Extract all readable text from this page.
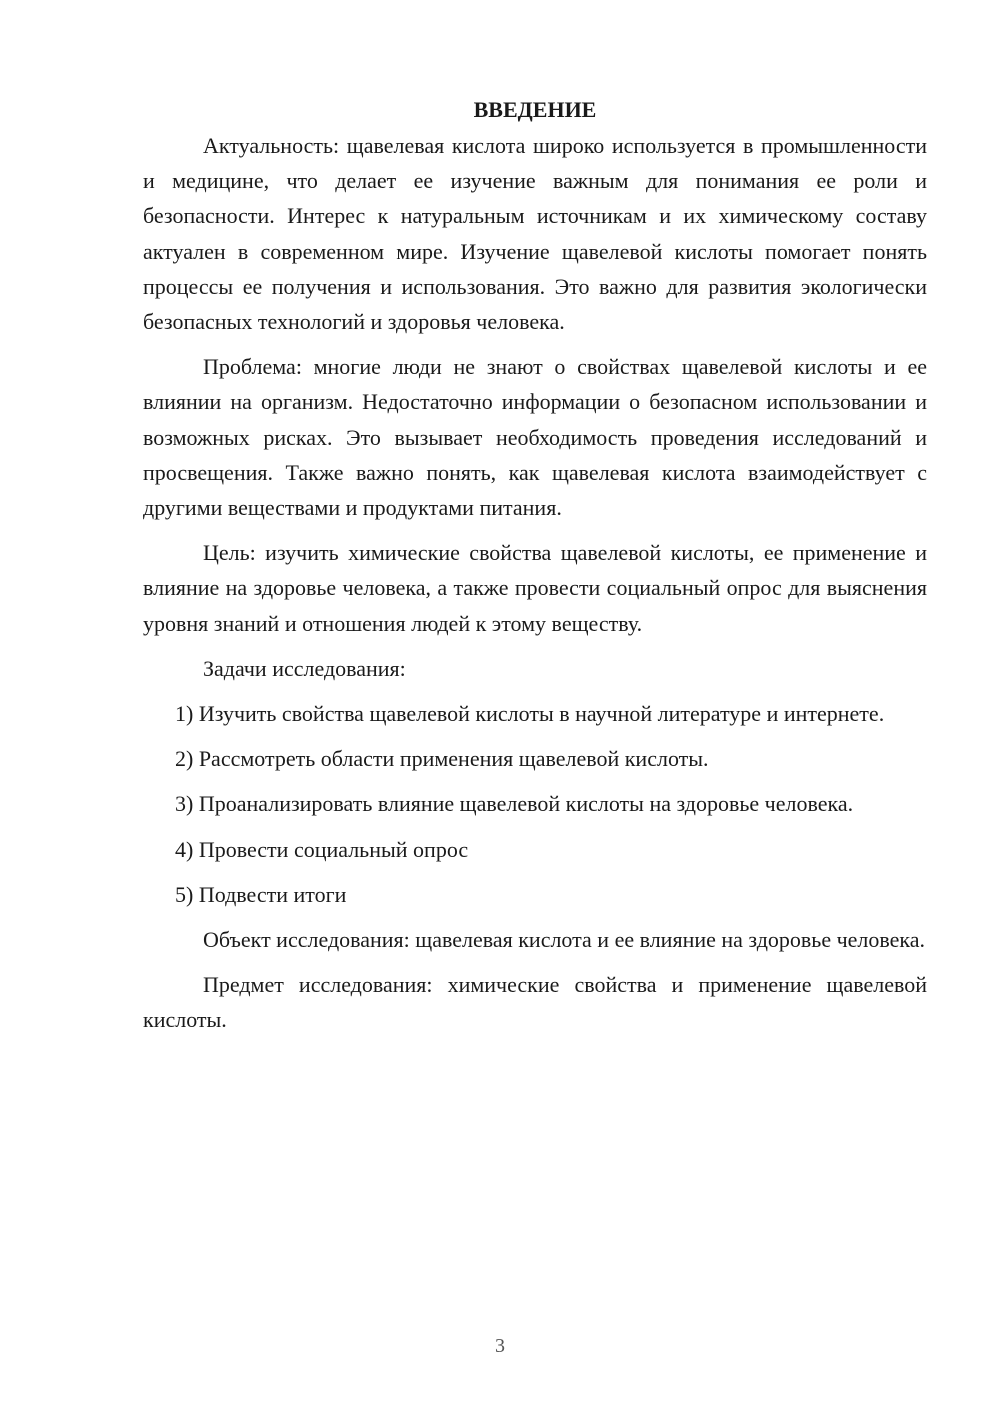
ВВЕДЕНИЕ

Актуальность: щавелевая кислота широко используется в промышленности и медицине, что делает ее изучение важным для понимания ее роли и безопасности. Интерес к натуральным источникам и их химическому составу актуален в современном мире. Изучение щавелевой кислоты помогает понять процессы ее получения и использования. Это важно для развития экологически безопасных технологий и здоровья человека.

Проблема: многие люди не знают о свойствах щавелевой кислоты и ее влиянии на организм. Недостаточно информации о безопасном использовании и возможных рисках. Это вызывает необходимость проведения исследований и просвещения. Также важно понять, как щавелевая кислота взаимодействует с другими веществами и продуктами питания.

Цель: изучить химические свойства щавелевой кислоты, ее применение и влияние на здоровье человека, а также провести социальный опрос для выяснения уровня знаний и отношения людей к этому веществу.

Задачи исследования:

1) Изучить свойства щавелевой кислоты в научной литературе и интернете.

2) Рассмотреть области применения щавелевой кислоты.

3) Проанализировать влияние щавелевой кислоты на здоровье человека.

4) Провести социальный опрос

5) Подвести итоги

Объект исследования: щавелевая кислота и ее влияние на здоровье человека.

Предмет исследования: химические свойства и применение щавелевой кислоты.

3
